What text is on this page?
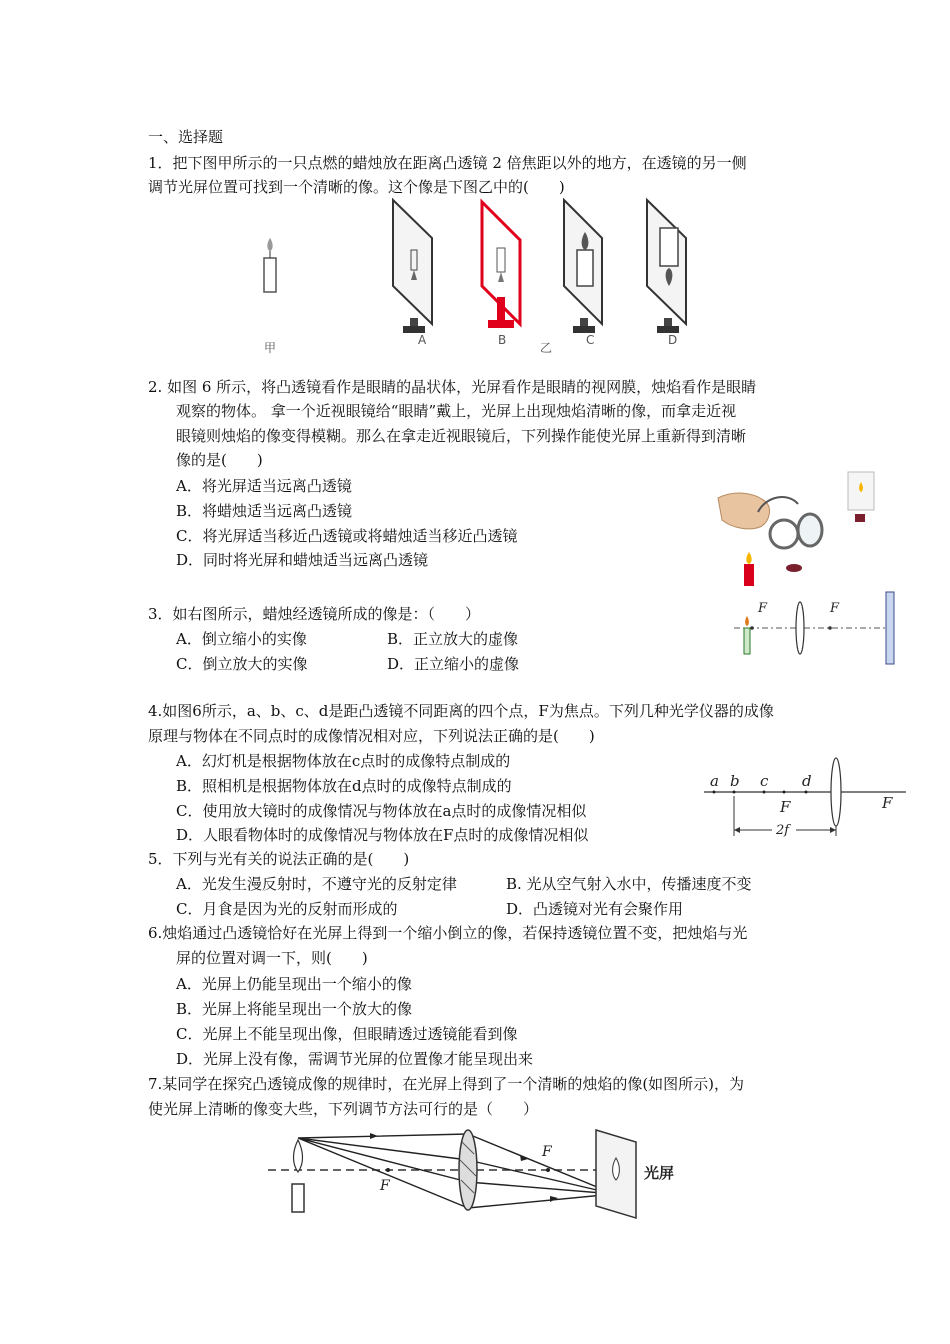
一、选择题
1．把下图甲所示的一只点燃的蜡烛放在距离凸透镜 2 倍焦距以外的地方，在透镜的另一侧
调节光屏位置可找到一个清晰的像。这个像是下图乙中的(　　)
甲
A	B
乙
C	D
2. 如图 6 所示，将凸透镜看作是眼睛的晶状体，光屏看作是眼睛的视网膜，烛焰看作是眼睛
观察的物体。 拿一个近视眼镜给“眼睛”戴上，光屏上出现烛焰清晰的像，而拿走近视
眼镜则烛焰的像变得模糊。那么在拿走近视眼镜后，下列操作能使光屏上重新得到清晰
像的是(　　)
A．将光屏适当远离凸透镜
B．将蜡烛适当远离凸透镜
C．将光屏适当移近凸透镜或将蜡烛适当移近凸透镜
D．同时将光屏和蜡烛适当远离凸透镜
3．如右图所示，蜡烛经透镜所成的像是：（　　）
A．倒立缩小的实像	B．正立放大的虚像
C．倒立放大的实像	D．正立缩小的虚像
F	F
4.如图6所示，a、b、c、d是距凸透镜不同距离的四个点，F为焦点。下列几种光学仪器的成像
原理与物体在不同点时的成像情况相对应，下列说法正确的是(　　)
A．幻灯机是根据物体放在c点时的成像特点制成的
B．照相机是根据物体放在d点时的成像特点制成的
C．使用放大镜时的成像情况与物体放在a点时的成像情况相似
D．人眼看物体时的成像情况与物体放在F点时的成像情况相似
a b c d
F	F
2f
5．下列与光有关的说法正确的是(　　)
A．光发生漫反射时，不遵守光的反射定律	B. 光从空气射入水中，传播速度不变
C．月食是因为光的反射而形成的	D．凸透镜对光有会聚作用
6.烛焰通过凸透镜恰好在光屏上得到一个缩小倒立的像，若保持透镜位置不变，把烛焰与光
屏的位置对调一下，则(　　)
A．光屏上仍能呈现出一个缩小的像
B．光屏上将能呈现出一个放大的像
C．光屏上不能呈现出像，但眼睛透过透镜能看到像
D．光屏上没有像，需调节光屏的位置像才能呈现出来
7.某同学在探究凸透镜成像的规律时，在光屏上得到了一个清晰的烛焰的像(如图所示)，为
使光屏上清晰的像变大些，下列调节方法可行的是（　　）
F
F
光屏
